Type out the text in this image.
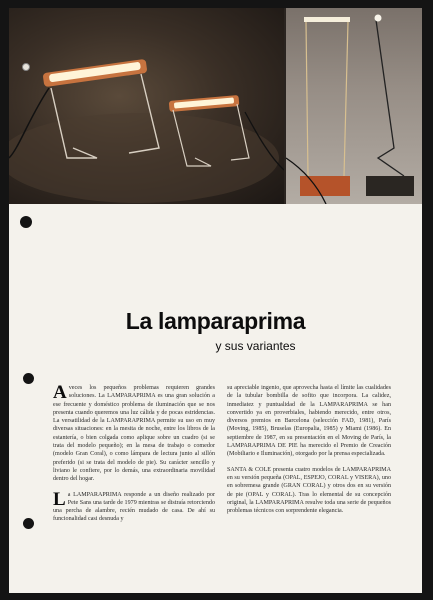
La lamparaprima
y sus variantes

A veces los pequeños problemas requieren grandes soluciones. La LAMPARAPRIMA es una gran solución a ese frecuente y doméstico problema de iluminación que se nos presenta cuando queremos una luz cálida y de pocas estridencias. La versatilidad de la LAMPARAPRIMA permite su uso en muy diversas situaciones: en la mesita de noche, entre los libros de la estantería, o bien colgada como aplique sobre un cuadro (si se trata del modelo pequeño); en la mesa de trabajo o comedor (modelo Gran Coral), o como lámpara de lectura junto al sillón preferido (si se trata del modelo de pie). Su carácter sencillo y liviano le confiere, por lo demás, una extraordinaria movilidad dentro del hogar.

L a LAMPARAPRIMA responde a un diseño realizado por Pete Sans una tarde de 1979 mientras se distraía retorciendo una percha de alambre, recién mudado de casa. De ahí su funcionalidad casi desnuda y

su apreciable ingenio, que aprovecha hasta el límite las cualidades de la tubular bombilla de sofito que incorpora. La calidez, inmediatez y puntualidad de la LAMPARAPRIMA se han convertido ya en proverbiales, habiendo merecido, entre otros, diversos premios en Barcelona (selección FAD, 1981), París (Moving, 1985), Bruselas (Europalia, 1985) y Miami (1986). En septiembre de 1987, en su presentación en el Moving de París, la LAMPARAPRIMA DE PIE ha merecido el Premio de Creación (Mobiliario e Iluminación), otorgado por la prensa especializada.

SANTA & COLE presenta cuatro modelos de LAMPARAPRIMA en su versión pequeña (OPAL, ESPEJO, CORAL y VISERA), uno en sobremesa grande (GRAN CORAL) y otros dos en su versión de pie (OPAL y CORAL). Tras lo elemental de su concepción original, la LAMPARAPRIMA resulve toda una serie de pequeños problemas técnicos con sorprendente elegancia.
